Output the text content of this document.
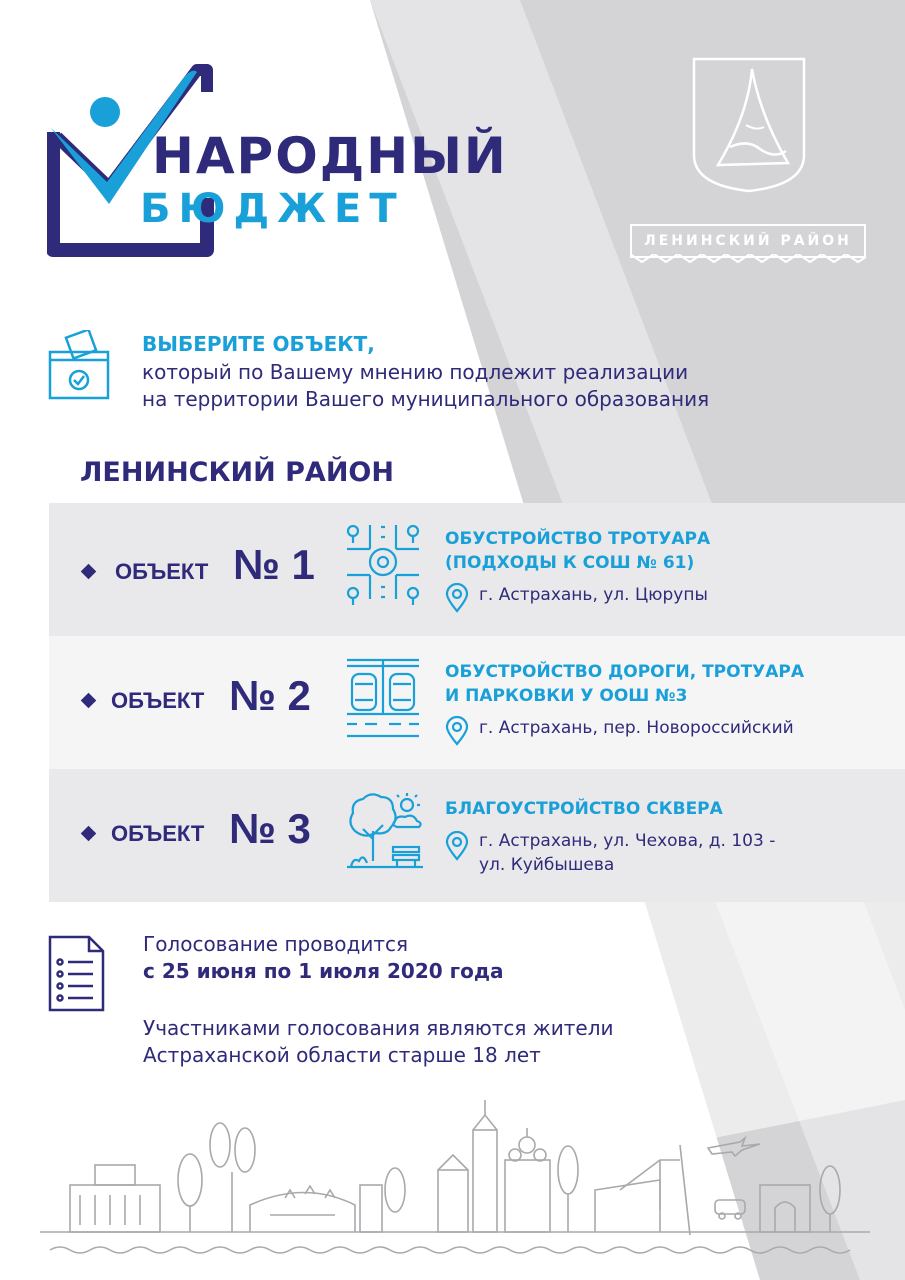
НАРОДНЫЙ
БЮДЖЕТ
ЛЕНИНСКИЙ РАЙОН
ВЫБЕРИТЕ ОБЪЕКТ,
который по Вашему мнению подлежит реализации
на территории Вашего муниципального образования
ЛЕНИНСКИЙ РАЙОН
ОБЪЕКТ № 1
ОБУСТРОЙСТВО ТРОТУАРА
(ПОДХОДЫ К СОШ № 61)
г. Астрахань, ул. Цюрупы
ОБЪЕКТ № 2	ОБУСТРОЙСТВО ДОРОГИ, ТРОТУАРА
И ПАРКОВКИ У ООШ №3
г. Астрахань, пер. Новороссийский
ОБЪЕКТ № 3	БЛАГОУСТРОЙСТВО СКВЕРА
г. Астрахань, ул. Чехова, д. 103 -
ул. Куйбышева
Голосование проводится
с 25 июня по 1 июля 2020 года
Участниками голосования являются жители
Астраханской области старше 18 лет
